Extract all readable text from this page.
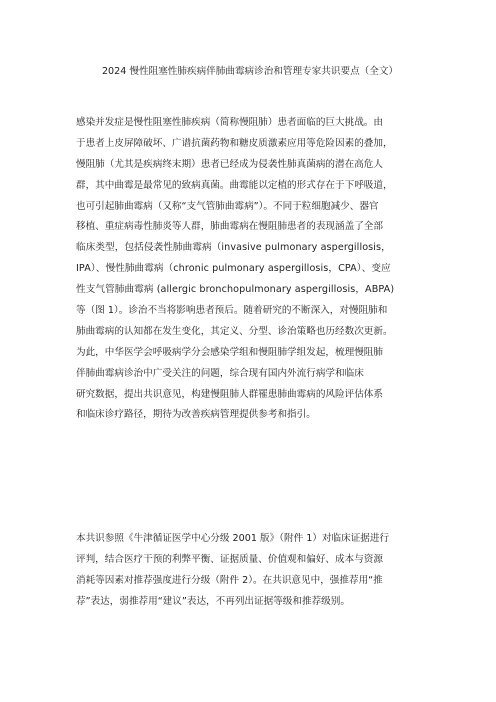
2024 慢性阻塞性肺疾病伴肺曲霉病诊治和管理专家共识要点（全文）
感染并发症是慢性阻塞性肺疾病（简称慢阻肺）患者面临的巨大挑战。由
于患者上皮屏障破坏、广谱抗菌药物和糖皮质激素应用等危险因素的叠加，
慢阻肺（尤其是疾病终末期）患者已经成为侵袭性肺真菌病的潜在高危人
群，其中曲霉是最常见的致病真菌。曲霉能以定植的形式存在于下呼吸道，
也可引起肺曲霉病（又称“支气管肺曲霉病”）。不同于粒细胞减少、器官
移植、重症病毒性肺炎等人群，肺曲霉病在慢阻肺患者的表现涵盖了全部
临床类型，包括侵袭性肺曲霉病（invasive pulmonary aspergillosis，
IPA）、慢性肺曲霉病（chronic pulmonary aspergillosis，CPA）、变应
性支气管肺曲霉病 (allergic bronchopulmonary aspergillosis，ABPA)
等（图 1）。诊治不当将影响患者预后。随着研究的不断深入，对慢阻肺和
肺曲霉病的认知都在发生变化，其定义、分型、诊治策略也历经数次更新。
为此，中华医学会呼吸病学分会感染学组和慢阻肺学组发起，梳理慢阻肺
伴肺曲霉病诊治中广受关注的问题，综合现有国内外流行病学和临床
研究数据，提出共识意见，构建慢阻肺人群罹患肺曲霉病的风险评估体系
和临床诊疗路径，期待为改善疾病管理提供参考和指引。
本共识参照《牛津循证医学中心分级 2001 版》（附件 1）对临床证据进行
评判，结合医疗干预的利弊平衡、证据质量、价值观和偏好、成本与资源
消耗等因素对推荐强度进行分级（附件 2）。在共识意见中，强推荐用“推
荐”表达，弱推荐用“建议”表达，不再列出证据等级和推荐级别。
